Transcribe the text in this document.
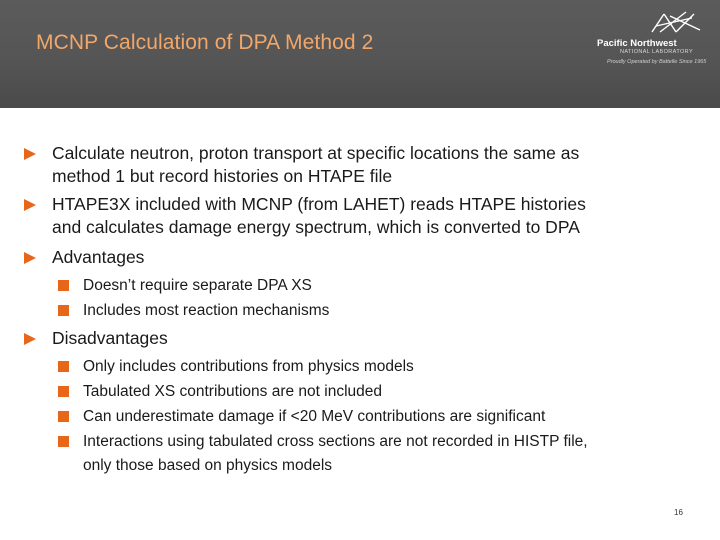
MCNP Calculation of DPA Method 2	Pacific Northwest
NATIONAL LABORATORY
Proudly Operated by Battelle Since 1965
Calculate neutron, proton transport at specific locations the same as
method 1 but record histories on HTAPE file
HTAPE3X included with MCNP (from LAHET) reads HTAPE histories
and calculates damage energy spectrum, which is converted to DPA
Advantages
Doesn’t require separate DPA XS
Includes most reaction mechanisms
Disadvantages
Only includes contributions from physics models
Tabulated XS contributions are not included
Can underestimate damage if <20 MeV contributions are significant
Interactions using tabulated cross sections are not recorded in HISTP file,
only those based on physics models
16
